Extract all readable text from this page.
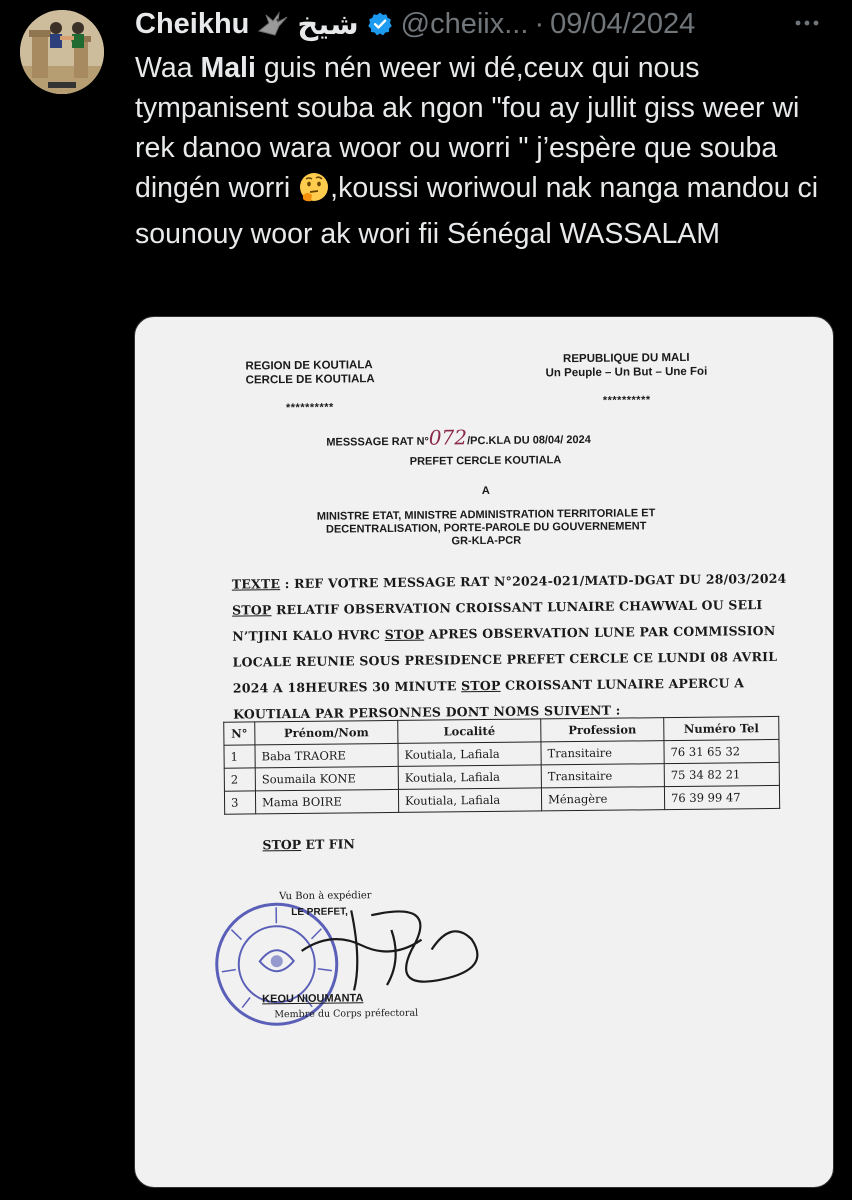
Cheikhu شيخ @cheiix... · 09/04/2024
Waa Mali guis nén weer wi dé,ceux qui nous tympanisent souba ak ngon "fou ay jullit giss weer wi rek danoo wara woor ou worri " j’espère que souba dingén worri ,koussi woriwoul nak nanga mandou ci sounouy woor ak wori fii Sénégal WASSALAM
REGION DE KOUTIALA
CERCLE DE KOUTIALA
**********
REPUBLIQUE DU MALI
Un Peuple – Un But – Une Foi
**********
MESSSAGE RAT N°072/PC.KLA DU 08/04/ 2024
PREFET CERCLE KOUTIALA
A
MINISTRE ETAT, MINISTRE ADMINISTRATION TERRITORIALE ET
DECENTRALISATION, PORTE-PAROLE DU GOUVERNEMENT
GR-KLA-PCR
TEXTE : REF VOTRE MESSAGE RAT N°2024-021/MATD-DGAT DU 28/03/2024 STOP RELATIF OBSERVATION CROISSANT LUNAIRE CHAWWAL OU SELI N’TJINI KALO HVRC STOP APRES OBSERVATION LUNE PAR COMMISSION LOCALE REUNIE SOUS PRESIDENCE PREFET CERCLE CE LUNDI 08 AVRIL 2024 A 18HEURES 30 MINUTE STOP CROISSANT LUNAIRE APERCU A KOUTIALA PAR PERSONNES DONT NOMS SUIVENT :
N°	Prénom/Nom	Localité	Profession	Numéro Tel
1	Baba TRAORE	Koutiala, Lafiala	Transitaire	76 31 65 32
2	Soumaila KONE	Koutiala, Lafiala	Transitaire	75 34 82 21
3	Mama BOIRE	Koutiala, Lafiala	Ménagère	76 39 99 47
STOP ET FIN
Vu Bon à expédier
LE PREFET,
KEOU NIOUMANTA
Membre du Corps préfectoral
